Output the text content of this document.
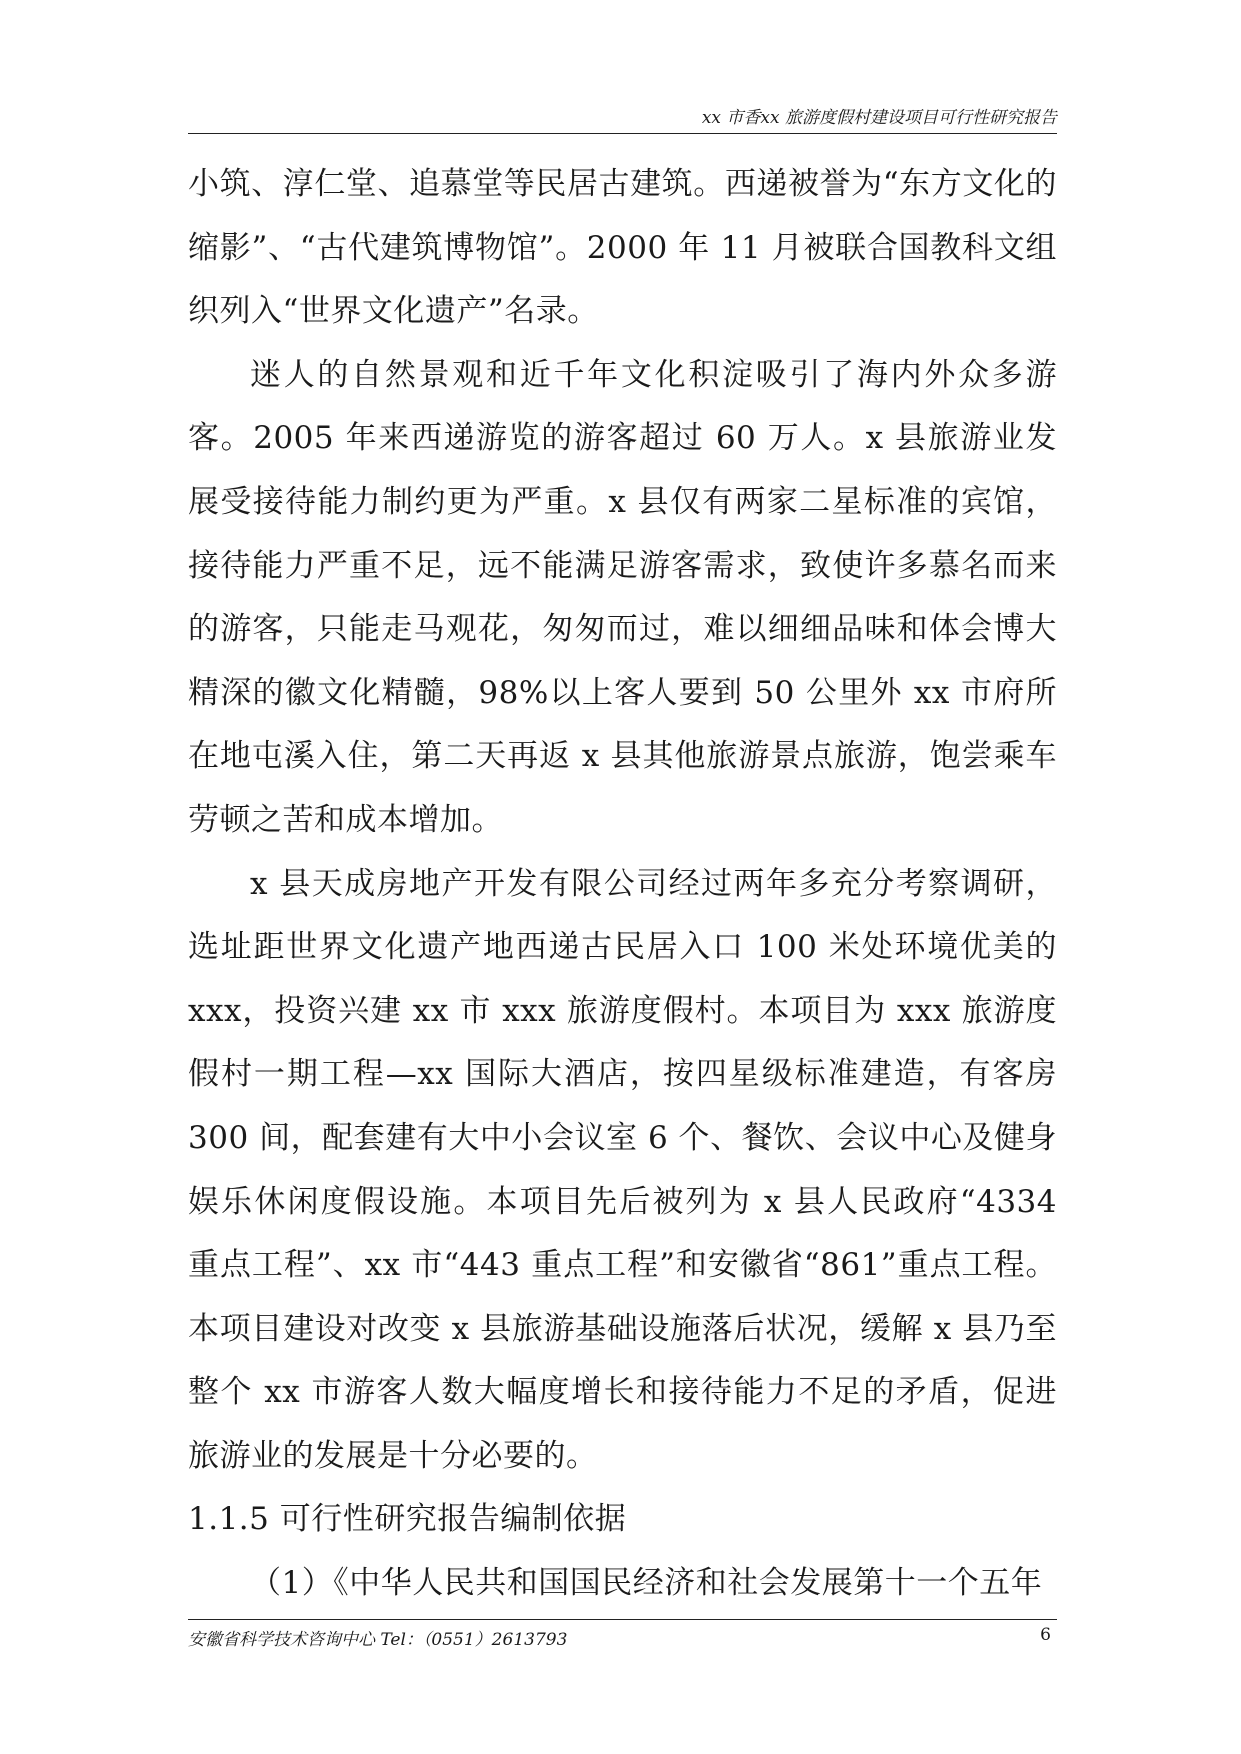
xx 市香xx 旅游度假村建设项目可行性研究报告

小筑、淳仁堂、追慕堂等民居古建筑。西递被誉为“东方文化的缩影”、“古代建筑博物馆”。2000 年 11 月被联合国教科文组织列入“世界文化遗产”名录。

迷人的自然景观和近千年文化积淀吸引了海内外众多游客。2005 年来西递游览的游客超过 60 万人。x 县旅游业发展受接待能力制约更为严重。x 县仅有两家二星标准的宾馆，接待能力严重不足，远不能满足游客需求，致使许多慕名而来的游客，只能走马观花，匆匆而过，难以细细品味和体会博大精深的徽文化精髓，98%以上客人要到 50 公里外 xx 市府所在地屯溪入住，第二天再返 x 县其他旅游景点旅游，饱尝乘车劳顿之苦和成本增加。

x 县天成房地产开发有限公司经过两年多充分考察调研，选址距世界文化遗产地西递古民居入口 100 米处环境优美的 xxx，投资兴建 xx 市 xxx 旅游度假村。本项目为 xxx 旅游度假村一期工程—xx 国际大酒店，按四星级标准建造，有客房 300 间，配套建有大中小会议室 6 个、餐饮、会议中心及健身娱乐休闲度假设施。本项目先后被列为 x 县人民政府“4334 重点工程”、xx 市“443 重点工程”和安徽省“861”重点工程。本项目建设对改变 x 县旅游基础设施落后状况，缓解 x 县乃至整个 xx 市游客人数大幅度增长和接待能力不足的矛盾，促进旅游业的发展是十分必要的。

1.1.5 可行性研究报告编制依据

（1）《中华人民共和国国民经济和社会发展第十一个五年

安徽省科学技术咨询中心 Tel：（0551）2613793	6
